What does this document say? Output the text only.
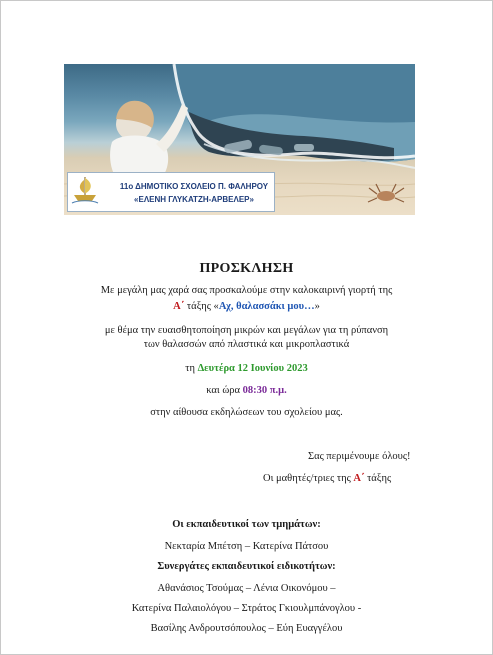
11ο ΔΗΜΟΤΙΚΟ ΣΧΟΛΕΙΟ Π. ΦΑΛΗΡΟΥ
«ΕΛΕΝΗ ΓΛΥΚΑΤΖΗ-ΑΡΒΕΛΕΡ»
ΠΡΟΣΚΛΗΣΗ
Με μεγάλη μας χαρά σας προσκαλούμε στην καλοκαιρινή γιορτή της
Α΄ τάξης «Αχ, θαλασσάκι μου…»
με θέμα την ευαισθητοποίηση μικρών και μεγάλων για τη ρύπανση
των θαλασσών από πλαστικά και μικροπλαστικά
τη Δευτέρα 12 Ιουνίου 2023
και ώρα 08:30 π.μ.
στην αίθουσα εκδηλώσεων του σχολείου μας.
Σας περιμένουμε όλους!
Οι μαθητές/τριες της Α΄ τάξης
Οι εκπαιδευτικοί των τμημάτων:
Νεκταρία Μπέτση – Κατερίνα Πάτσου
Συνεργάτες εκπαιδευτικοί ειδικοτήτων:
Αθανάσιος Τσούμας – Λένια Οικονόμου –
Κατερίνα Παλαιολόγου – Στράτος Γκιουλμπάνογλου -
Βασίλης Ανδρουτσόπουλος – Εύη Ευαγγέλου
